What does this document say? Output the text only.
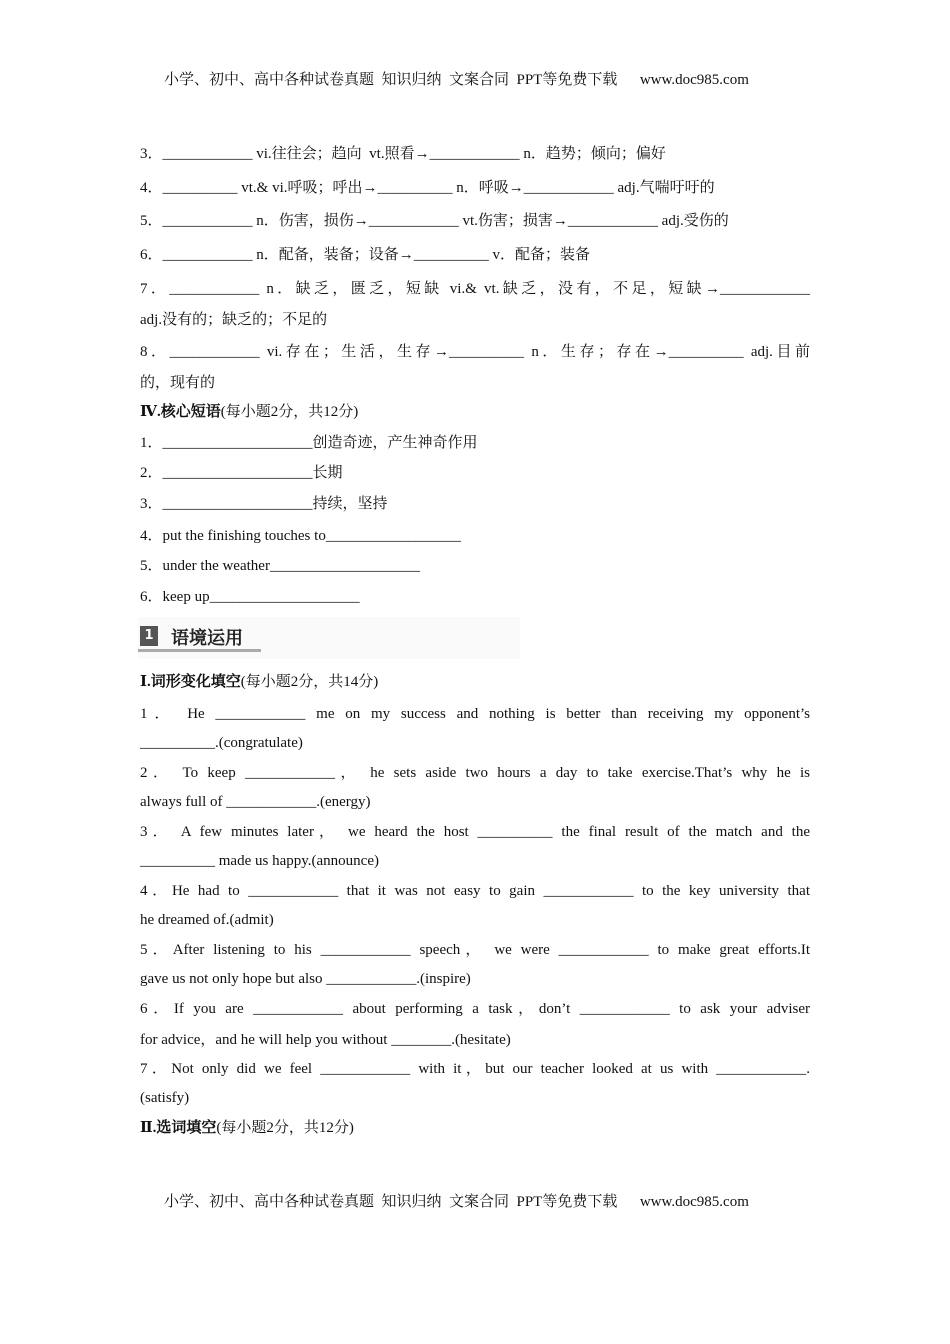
小学、初中、高中各种试卷真题  知识归纳  文案合同  PPT等免费下载      www.doc985.com
3．____________ vi.往往会；趋向  vt.照看→____________ n．趋势；倾向；偏好
4．__________ vt.& vi.呼吸；呼出→__________ n．呼吸→____________ adj.气喘吁吁的
5．____________ n．伤害，损伤→____________ vt.伤害；损害→____________ adj.受伤的
6．____________ n．配备，装备；设备→__________ v．配备；装备
7．____________ n．缺乏，匮乏，短缺 vi.& vt.缺乏，没有，不足，短缺→____________
adj.没有的；缺乏的；不足的
8．____________ vi.存在；生活，生存→__________ n．生存；存在→__________ adj.目前
的，现有的
Ⅳ.核心短语(每小题2分，共12分)
1．____________________创造奇迹，产生神奇作用
2．____________________长期
3．____________________持续，坚持
4．put the finishing touches to__________________
5．under the weather____________________
6．keep up____________________
1 语境运用
Ⅰ.词形变化填空(每小题2分，共14分)
1． He ____________ me on my success and nothing is better than receiving my opponent’s
__________.(congratulate)
2． To keep ____________， he sets aside two hours a day to take exercise.That’s why he is
always full of ____________.(energy)
3． A few minutes later， we heard the host __________ the final result of the match and the
__________ made us happy.(announce)
4．He had to ____________ that it was not easy to gain ____________ to the key university that
he dreamed of.(admit)
5．After listening to his ____________ speech， we were ____________ to make great efforts.It
gave us not only hope but also ____________.(inspire)
6．If you are ____________ about performing a task，don’t ____________ to ask your adviser
for advice，and he will help you without ________.(hesitate)
7．Not only did we feel ____________ with it，but our teacher looked at us with ____________.
(satisfy)
Ⅱ.选词填空(每小题2分，共12分)
小学、初中、高中各种试卷真题  知识归纳  文案合同  PPT等免费下载      www.doc985.com
